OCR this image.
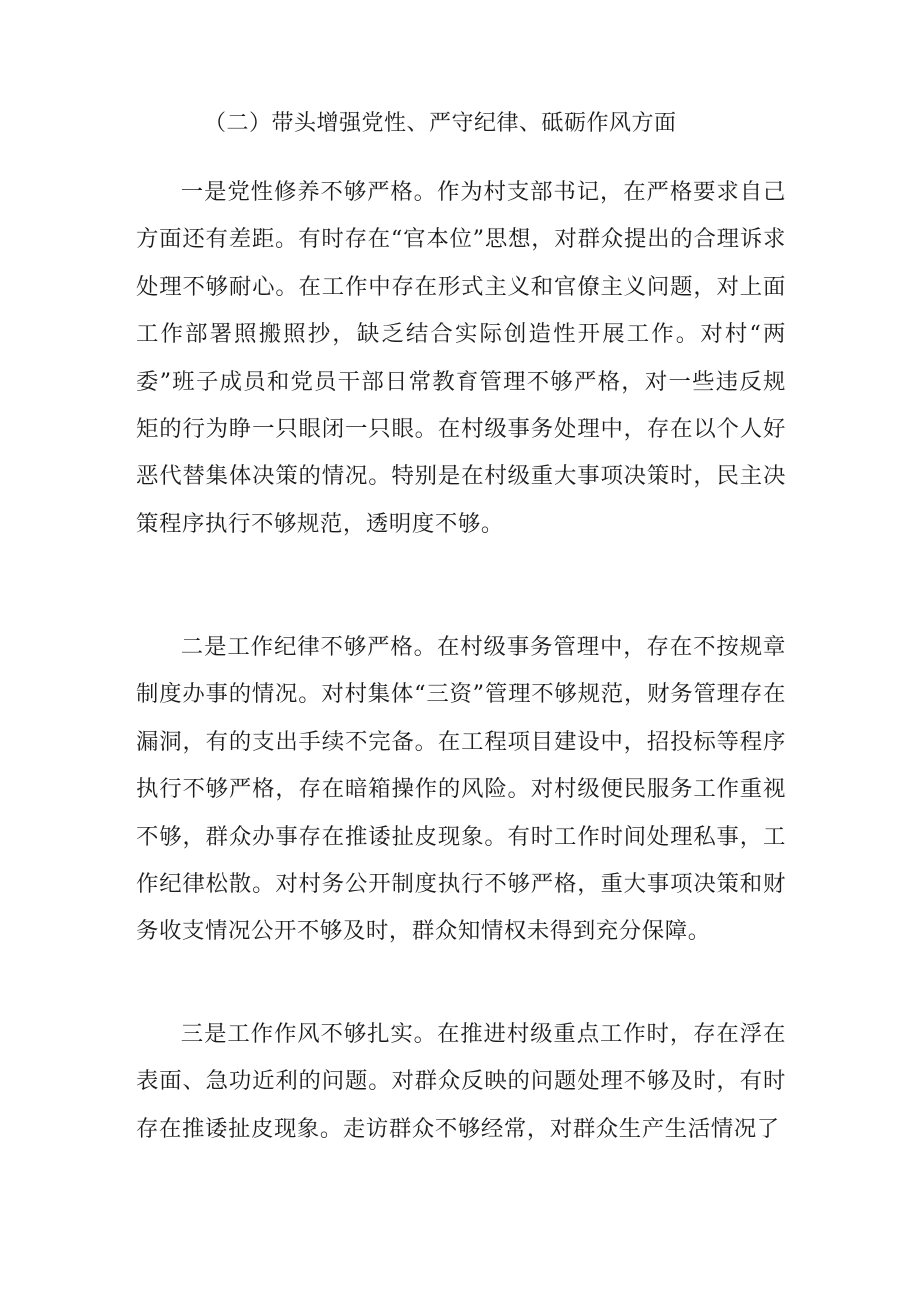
（二）带头增强党性、严守纪律、砥砺作风方面

一是党性修养不够严格。作为村支部书记，在严格要求自己方面还有差距。有时存在“官本位”思想，对群众提出的合理诉求处理不够耐心。在工作中存在形式主义和官僚主义问题，对上面工作部署照搬照抄，缺乏结合实际创造性开展工作。对村“两委”班子成员和党员干部日常教育管理不够严格，对一些违反规矩的行为睁一只眼闭一只眼。在村级事务处理中，存在以个人好恶代替集体决策的情况。特别是在村级重大事项决策时，民主决策程序执行不够规范，透明度不够。

二是工作纪律不够严格。在村级事务管理中，存在不按规章制度办事的情况。对村集体“三资”管理不够规范，财务管理存在漏洞，有的支出手续不完备。在工程项目建设中，招投标等程序执行不够严格，存在暗箱操作的风险。对村级便民服务工作重视不够，群众办事存在推诿扯皮现象。有时工作时间处理私事，工作纪律松散。对村务公开制度执行不够严格，重大事项决策和财务收支情况公开不够及时，群众知情权未得到充分保障。

三是工作作风不够扎实。在推进村级重点工作时，存在浮在表面、急功近利的问题。对群众反映的问题处理不够及时，有时存在推诿扯皮现象。走访群众不够经常，对群众生产生活情况了
